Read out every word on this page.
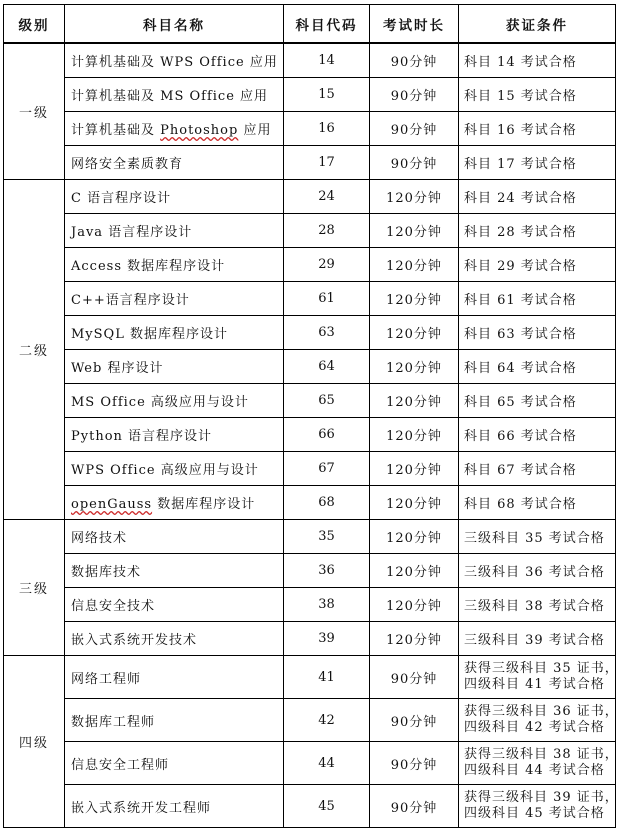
级别	科目名称	科目代码	考试时长	获证条件
一级	计算机基础及 WPS Office 应用	14	90分钟	科目 14 考试合格

	计算机基础及 MS Office 应用	15	90分钟	科目 15 考试合格

	计算机基础及 Photoshop 应用	16	90分钟	科目 16 考试合格

	网络安全素质教育	17	90分钟	科目 17 考试合格

二级	C 语言程序设计	24	120分钟	科目 24 考试合格

	Java 语言程序设计	28	120分钟	科目 28 考试合格

	Access 数据库程序设计	29	120分钟	科目 29 考试合格

	C++语言程序设计	61	120分钟	科目 61 考试合格

	MySQL 数据库程序设计	63	120分钟	科目 63 考试合格

	Web 程序设计	64	120分钟	科目 64 考试合格

	MS Office 高级应用与设计	65	120分钟	科目 65 考试合格

	Python 语言程序设计	66	120分钟	科目 66 考试合格

	WPS Office 高级应用与设计	67	120分钟	科目 67 考试合格

	openGauss 数据库程序设计	68	120分钟	科目 68 考试合格

三级	网络技术	35	120分钟	三级科目 35 考试合格

	数据库技术	36	120分钟	三级科目 36 考试合格

	信息安全技术	38	120分钟	三级科目 38 考试合格

	嵌入式系统开发技术	39	120分钟	三级科目 39 考试合格

四级	网络工程师	41	90分钟	获得三级科目 35 证书，
四级科目 41 考试合格

	数据库工程师	42	90分钟	获得三级科目 36 证书，
四级科目 42 考试合格

	信息安全工程师	44	90分钟	获得三级科目 38 证书，
四级科目 44 考试合格

	嵌入式系统开发工程师	45	90分钟	获得三级科目 39 证书，
四级科目 45 考试合格
